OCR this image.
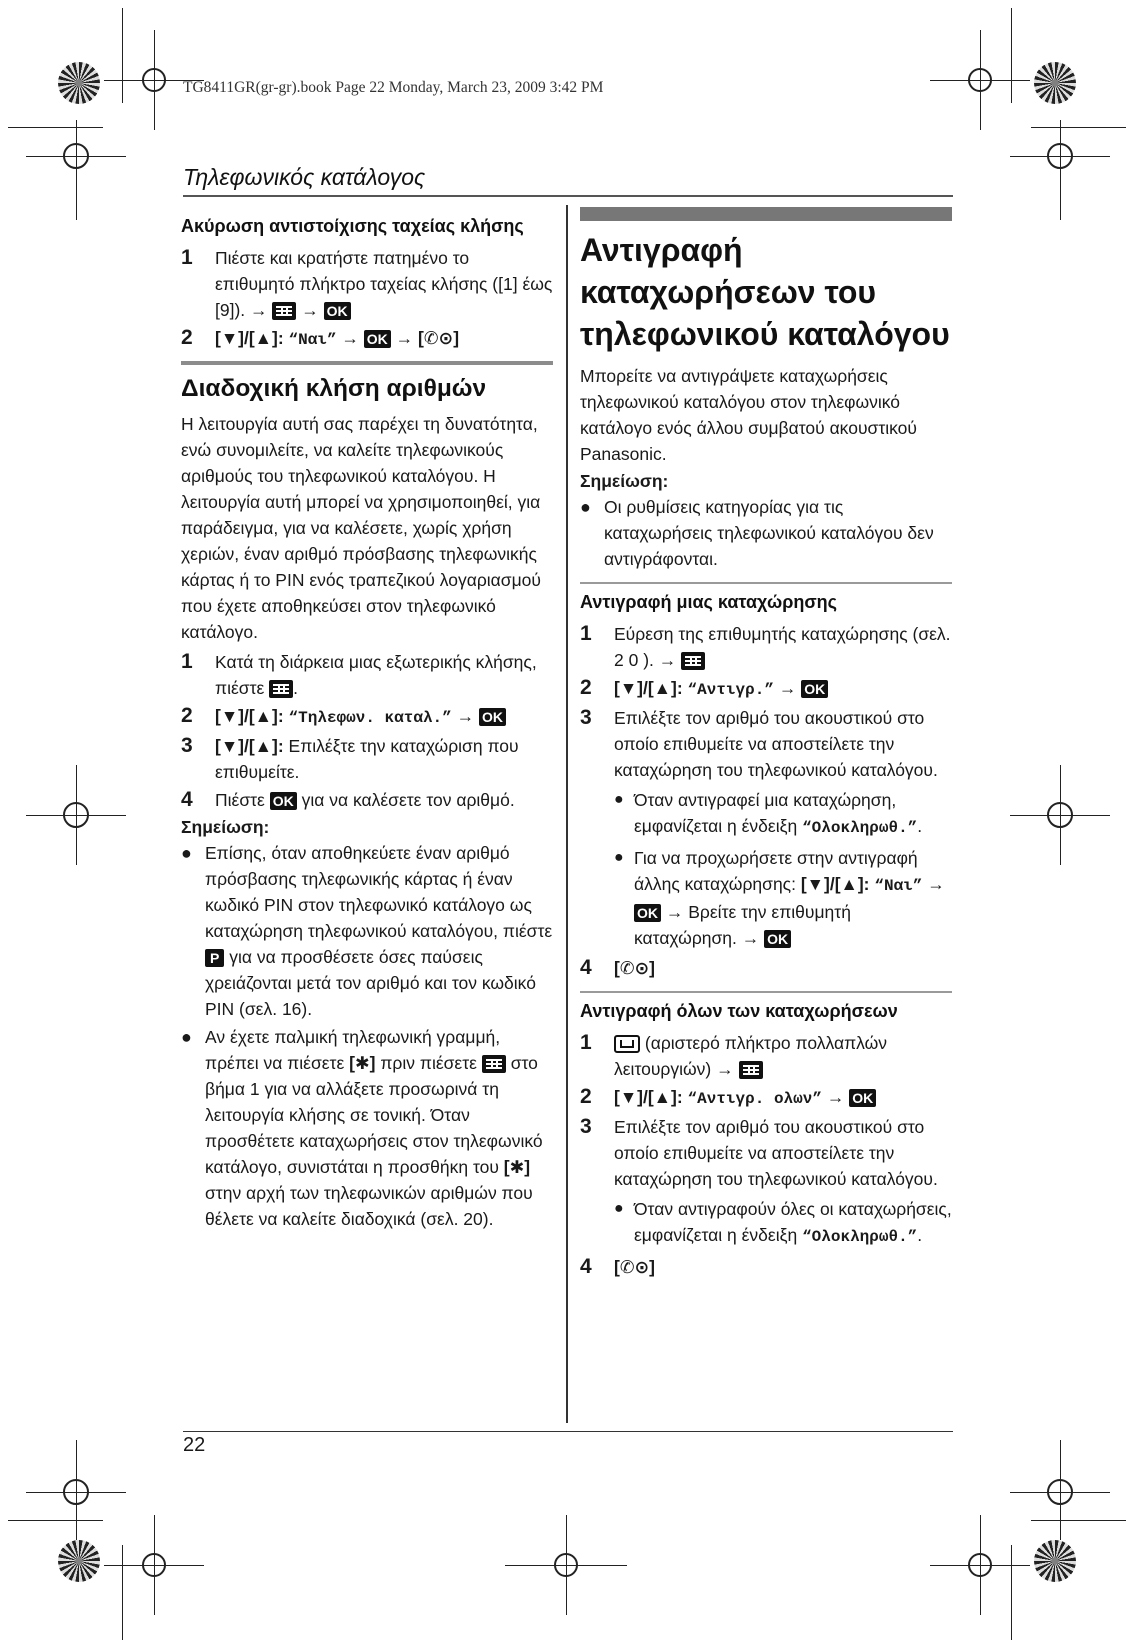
TG8411GR(gr-gr).book Page 22 Monday, March 23, 2009 3:42 PM
Τηλεφωνικός κατάλογος
Ακύρωση αντιστοίχισης ταχείας κλήσης
1	Πιέστε και κρατήστε πατημένο το επιθυμητό πλήκτρο ταχείας κλήσης ([1] έως [9]). → → OK
2	[▼]/[▲]: “Ναι” → OK → [✆⊙]
Διαδοχική κλήση αριθμών

Η λειτουργία αυτή σας παρέχει τη δυνατότητα, ενώ συνομιλείτε, να καλείτε τηλεφωνικούς αριθμούς του τηλεφωνικού καταλόγου. Η λειτουργία αυτή μπορεί να χρησιμοποιηθεί, για παράδειγμα, για να καλέσετε, χωρίς χρήση χεριών, έναν αριθμό πρόσβασης τηλεφωνικής κάρτας ή το PIN ενός τραπεζικού λογαριασμού που έχετε αποθηκεύσει στον τηλεφωνικό κατάλογο.

1	Κατά τη διάρκεια μιας εξωτερικής κλήσης, πιέστε .
2	[▼]/[▲]: “Τηλεφων. καταλ.” → OK
3	[▼]/[▲]: Επιλέξτε την καταχώριση που επιθυμείτε.
4	Πιέστε OK για να καλέσετε τον αριθμό.
Σημείωση:
● Επίσης, όταν αποθηκεύετε έναν αριθμό πρόσβασης τηλεφωνικής κάρτας ή έναν κωδικό PIN στον τηλεφωνικό κατάλογο ως καταχώρηση τηλεφωνικού καταλόγου, πιέστε P για να προσθέσετε όσες παύσεις χρειάζονται μετά τον αριθμό και τον κωδικό PIN (σελ. 16).
● Αν έχετε παλμική τηλεφωνική γραμμή, πρέπει να πιέσετε [✱] πριν πιέσετε στο βήμα 1 για να αλλάξετε προσωρινά τη λειτουργία κλήσης σε τονική. Όταν προσθέτετε καταχωρήσεις στον τηλεφωνικό κατάλογο, συνιστάται η προσθήκη του [✱] στην αρχή των τηλεφωνικών αριθμών που θέλετε να καλείτε διαδοχικά (σελ. 20).
Αντιγραφή καταχωρήσεων του τηλεφωνικού καταλόγου

Μπορείτε να αντιγράψετε καταχωρήσεις τηλεφωνικού καταλόγου στον τηλεφωνικό κατάλογο ενός άλλου συμβατού ακουστικού Panasonic.

Σημείωση:
● Οι ρυθμίσεις κατηγορίας για τις καταχωρήσεις τηλεφωνικού καταλόγου δεν αντιγράφονται.
Αντιγραφή μιας καταχώρησης
1	Εύρεση της επιθυμητής καταχώρησης (σελ. 2 0 ). →
2	[▼]/[▲]: “Αντιγρ.” → OK
3	Επιλέξτε τον αριθμό του ακουστικού στο οποίο επιθυμείτε να αποστείλετε την καταχώρηση του τηλεφωνικού καταλόγου.
● Όταν αντιγραφεί μια καταχώρηση, εμφανίζεται η ένδειξη “Ολοκληρωθ.”.
● Για να προχωρήσετε στην αντιγραφή άλλης καταχώρησης: [▼]/[▲]: “Ναι” → OK → Βρείτε την επιθυμητή καταχώρηση. → OK
4	[✆⊙]
Αντιγραφή όλων των καταχωρήσεων
1	(αριστερό πλήκτρο πολλαπλών λειτουργιών) →
2	[▼]/[▲]: “Αντιγρ. ολων” → OK
3	Επιλέξτε τον αριθμό του ακουστικού στο οποίο επιθυμείτε να αποστείλετε την καταχώρηση του τηλεφωνικού καταλόγου.
● Όταν αντιγραφούν όλες οι καταχωρήσεις, εμφανίζεται η ένδειξη “Ολοκληρωθ.”.
4	[✆⊙]
22
